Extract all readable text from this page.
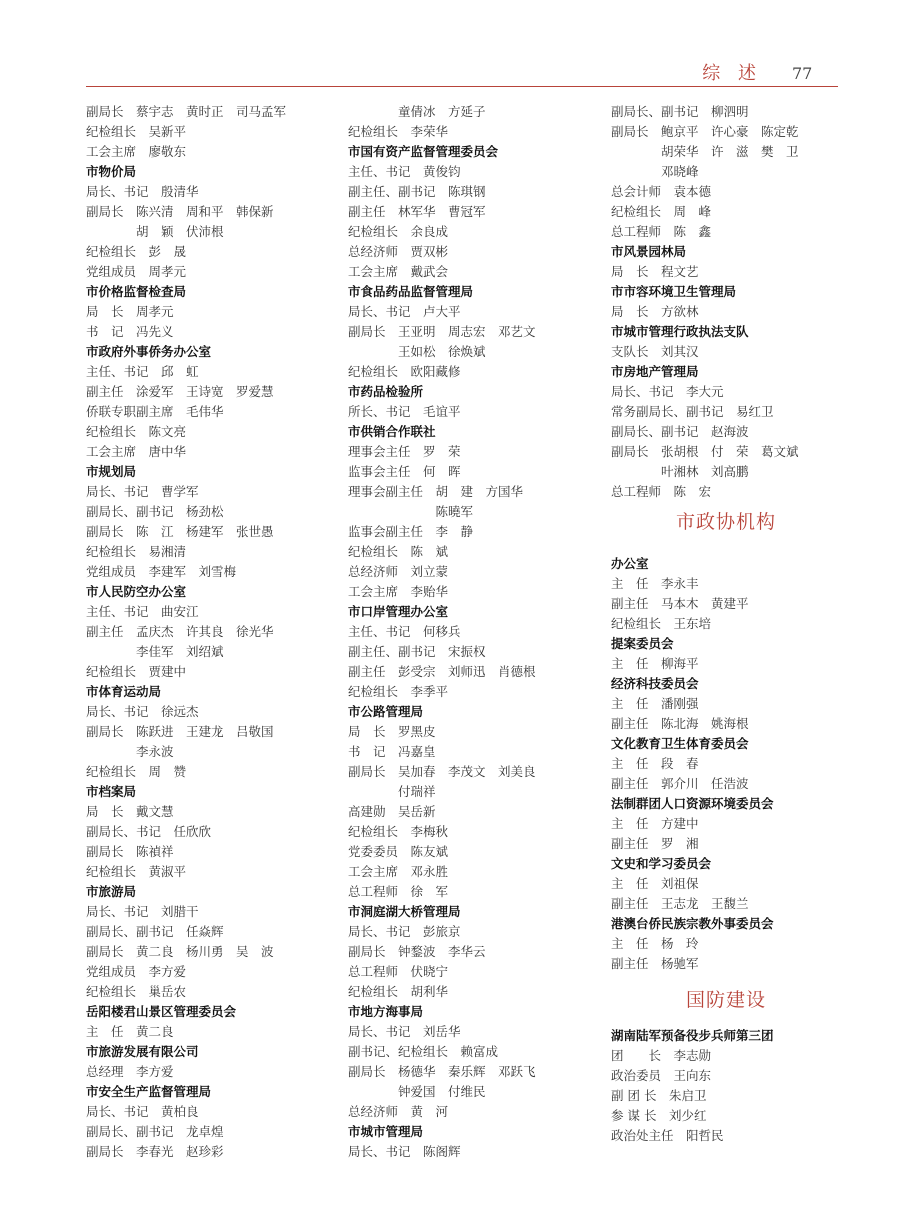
综 述 77
副局长　蔡宇志　黄时正　司马孟军
纪检组长　吴新平
工会主席　廖敬东
市物价局
局长、书记　殷清华
副局长　陈兴清　周和平　韩保新
　　　　胡　颖　伏沛根
纪检组长　彭　晟
党组成员　周孝元
市价格监督检查局
局　长　周孝元
书　记　冯先义
市政府外事侨务办公室
主任、书记　邱　虹
副主任　涂爱军　王诗宽　罗爱慧
侨联专职副主席　毛伟华
纪检组长　陈文亮
工会主席　唐中华
市规划局
局长、书记　曹学军
副局长、副书记　杨劲松
副局长　陈　江　杨建军　张世愚
纪检组长　易湘清
党组成员　李建军　刘雪梅
市人民防空办公室
主任、书记　曲安江
副主任　孟庆杰　许其良　徐光华
　　　　李佳军　刘绍斌
纪检组长　贾建中
市体育运动局
局长、书记　徐远杰
副局长　陈跃进　王建龙　吕敬国
　　　　李永波
纪检组长　周　赞
市档案局
局　长　戴文慧
副局长、书记　任欣欣
副局长　陈禎祥
纪检组长　黄淑平
市旅游局
局长、书记　刘腊干
副局长、副书记　任焱辉
副局长　黄二良　杨川勇　吴　波
党组成员　李方爱
纪检组长　巢岳农
岳阳楼君山景区管理委员会
主　任　黄二良
市旅游发展有限公司
总经理　李方爱
市安全生产监督管理局
局长、书记　黄柏良
副局长、副书记　龙卓煌
副局长　李春光　赵珍彩
　　　　童倩冰　方延子
纪检组长　李荣华
市国有资产监督管理委员会
主任、书记　黄俊钧
副主任、副书记　陈琪钢
副主任　林军华　曹冠军
纪检组长　余良成
总经济师　贾双彬
工会主席　戴武会
市食品药品监督管理局
局长、书记　卢大平
副局长　王亚明　周志宏　邓艺文
　　　　王如松　徐焕斌
纪检组长　欧阳藏修
市药品检验所
所长、书记　毛谊平
市供销合作联社
理事会主任　罗　荣
监事会主任　何　晖
理事会副主任　胡　建　方国华
　　　　　　　陈曉军
监事会副主任　李　静
纪检组长　陈　斌
总经济师　刘立蒙
工会主席　李贻华
市口岸管理办公室
主任、书记　何移兵
副主任、副书记　宋振权
副主任　彭受宗　刘师迅　肖德根
纪检组长　李季平
市公路管理局
局　长　罗黑皮
书　记　冯嘉皇
副局长　吴加春　李茂文　刘美良
　　　　付瑞祥
高建勋　吴岳新
纪检组长　李梅秋
党委委员　陈友斌
工会主席　邓永胜
总工程师　徐　军
市洞庭湖大桥管理局
局长、书记　彭旅京
副局长　钟鍪波　李华云
总工程师　伏晓宁
纪检组长　胡利华
市地方海事局
局长、书记　刘岳华
副书记、纪检组长　赖富成
副局长　杨德华　秦乐辉　邓跃飞
　　　　钟爱国　付维民
总经济师　黄　河
市城市管理局
局长、书记　陈阁辉
副局长、副书记　柳泗明
副局长　鲍京平　许心豪　陈定乾
　　　　胡荣华　许　滋　樊　卫
　　　　邓晓峰
总会计师　袁本德
纪检组长　周　峰
总工程师　陈　鑫
市风景园林局
局　长　程文艺
市市容环境卫生管理局
局　长　方欲林
市城市管理行政执法支队
支队长　刘其汉
市房地产管理局
局长、书记　李大元
常务副局长、副书记　易红卫
副局长、副书记　赵海波
副局长　张胡根　付　荣　葛文斌
　　　　叶湘林　刘高鹏
总工程师　陈　宏
市政协机构
办公室
主　任　李永丰
副主任　马本木　黄建平
纪检组长　王东培
提案委员会
主　任　柳海平
经济科技委员会
主　任　潘刚强
副主任　陈北海　姚海根
文化教育卫生体育委员会
主　任　段　春
副主任　郭介川　任浩波
法制群团人口资源环境委员会
主　任　方建中
副主任　罗　湘
文史和学习委员会
主　任　刘祖保
副主任　王志龙　王馥兰
港澳台侨民族宗教外事委员会
主　任　杨　玲
副主任　杨驰军
国防建设
湖南陆军预备役步兵师第三团
团　　长　李志勋
政治委员　王向东
副 团 长　朱启卫
参 谋 长　刘少红
政治处主任　阳哲民
